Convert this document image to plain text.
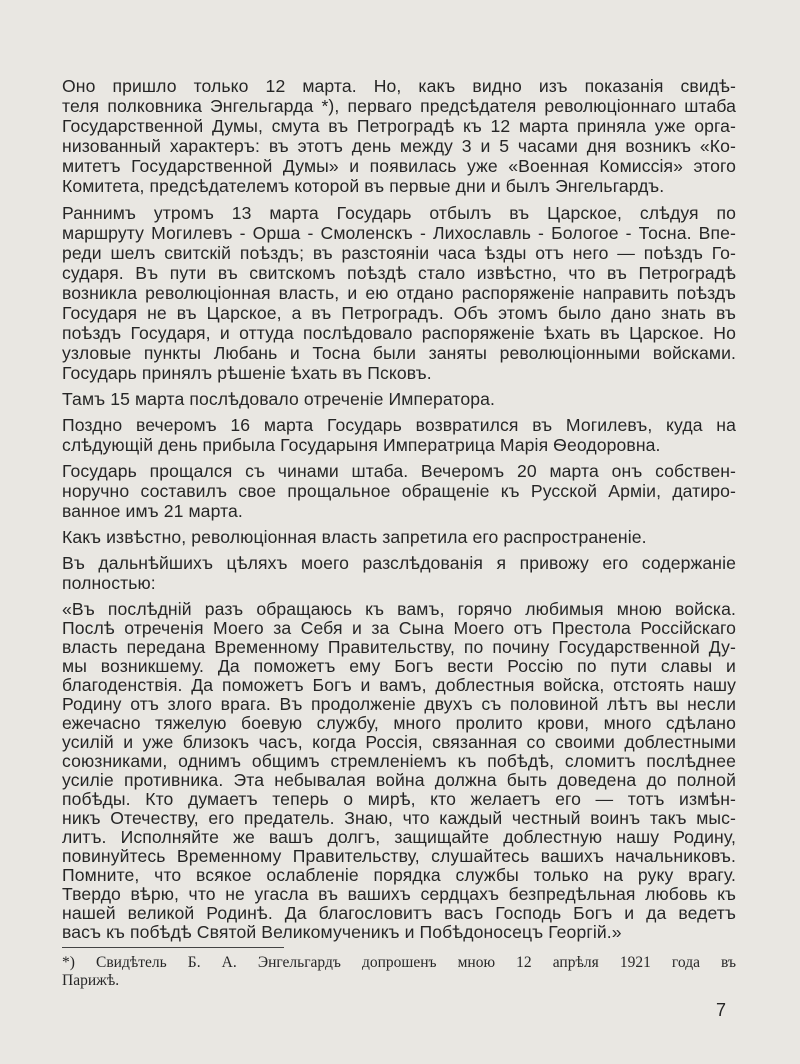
Оно пришло только 12 марта. Но, какъ видно изъ показанія свидѣ-
теля полковника Энгельгарда *), перваго предсѣдателя революціоннаго штаба
Государственной Думы, смута въ Петроградѣ къ 12 марта приняла уже орга-
низованный характеръ: въ этотъ день между 3 и 5 часами дня возникъ «Ко-
митетъ Государственной Думы» и появилась уже «Военная Комиссія» этого
Комитета, предсѣдателемъ которой въ первые дни и былъ Энгельгардъ.
Раннимъ утромъ 13 марта Государь отбылъ въ Царское, слѣдуя по
маршруту Могилевъ - Орша - Смоленскъ - Лихославль - Бологое - Тосна. Впе-
реди шелъ свитскій поѣздъ; въ разстояніи часа ѣзды отъ него — поѣздъ Го-
сударя. Въ пути въ свитскомъ поѣздѣ стало извѣстно, что въ Петроградѣ
возникла революціонная власть, и ею отдано распоряженіе направить поѣздъ
Государя не въ Царское, а въ Петроградъ. Объ этомъ было дано знать въ
поѣздъ Государя, и оттуда послѣдовало распоряженіе ѣхать въ Царское. Но
узловые пункты Любань и Тосна были заняты революціонными войсками.
Государь принялъ рѣшеніе ѣхать въ Псковъ.
Тамъ 15 марта послѣдовало отреченіе Императора.
Поздно вечеромъ 16 марта Государь возвратился въ Могилевъ, куда на
слѣдующій день прибыла Государыня Императрица Марія Ѳеодоровна.
Государь прощался съ чинами штаба. Вечеромъ 20 марта онъ собствен-
норучно составилъ свое прощальное обращеніе къ Русской Арміи, датиро-
ванное имъ 21 марта.
Какъ извѣстно, революціонная власть запретила его распространеніе.
Въ дальнѣйшихъ цѣляхъ моего разслѣдованія я привожу его содержаніе
полностью:
«Въ послѣдній разъ обращаюсь къ вамъ, горячо любимыя мною войска.
Послѣ отреченія Моего за Себя и за Сына Моего отъ Престола Россійскаго
власть передана Временному Правительству, по почину Государственной Ду-
мы возникшему. Да поможетъ ему Богъ вести Россію по пути славы и
благоденствія. Да поможетъ Богъ и вамъ, доблестныя войска, отстоять нашу
Родину отъ злого врага. Въ продолженіе двухъ съ половиной лѣтъ вы несли
ежечасно тяжелую боевую службу, много пролито крови, много сдѣлано
усилій и уже близокъ часъ, когда Россія, связанная со своими доблестными
союзниками, однимъ общимъ стремленіемъ къ побѣдѣ, сломитъ послѣднее
усиліе противника. Эта небывалая война должна быть доведена до полной
побѣды. Кто думаетъ теперь о мирѣ, кто желаетъ его — тотъ измѣн-
никъ Отечеству, его предатель. Знаю, что каждый честный воинъ такъ мыс-
литъ. Исполняйте же вашъ долгъ, защищайте доблестную нашу Родину,
повинуйтесь Временному Правительству, слушайтесь вашихъ начальниковъ.
Помните, что всякое ослабленіе порядка службы только на руку врагу.
Твердо вѣрю, что не угасла въ вашихъ сердцахъ безпредѣльная любовь къ
нашей великой Родинѣ. Да благословитъ васъ Господь Богъ и да ведетъ
васъ къ побѣдѣ Святой Великомученикъ и Побѣдоносецъ Георгій.»
*) Свидѣтель Б. А. Энгельгардъ допрошенъ мною 12 апрѣля 1921 года въ
Парижѣ.
7
